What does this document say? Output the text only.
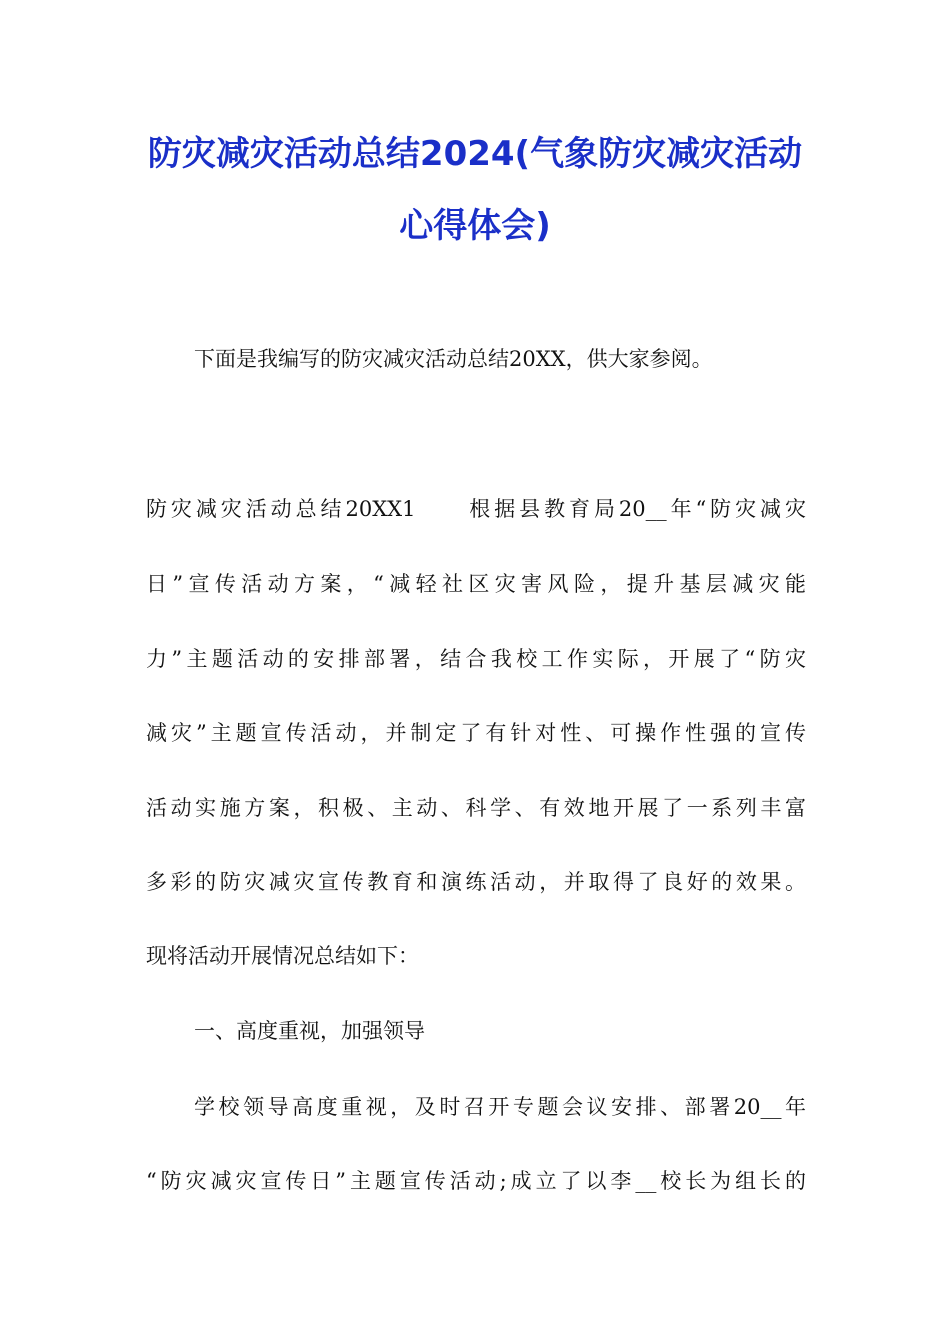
防灾减灾活动总结2024(气象防灾减灾活动
心得体会)
下面是我编写的防灾减灾活动总结20XX，供大家参阅。
防灾减灾活动总结20XX1　　根据县教育局20__年“防灾减灾
日”宣传活动方案，“减轻社区灾害风险，提升基层减灾能
力”主题活动的安排部署，结合我校工作实际，开展了“防灾
减灾”主题宣传活动，并制定了有针对性、可操作性强的宣传
活动实施方案，积极、主动、科学、有效地开展了一系列丰富
多彩的防灾减灾宣传教育和演练活动，并取得了良好的效果。
现将活动开展情况总结如下：
一、高度重视，加强领导
学校领导高度重视，及时召开专题会议安排、部署20__年
“防灾减灾宣传日”主题宣传活动;成立了以李__校长为组长的
